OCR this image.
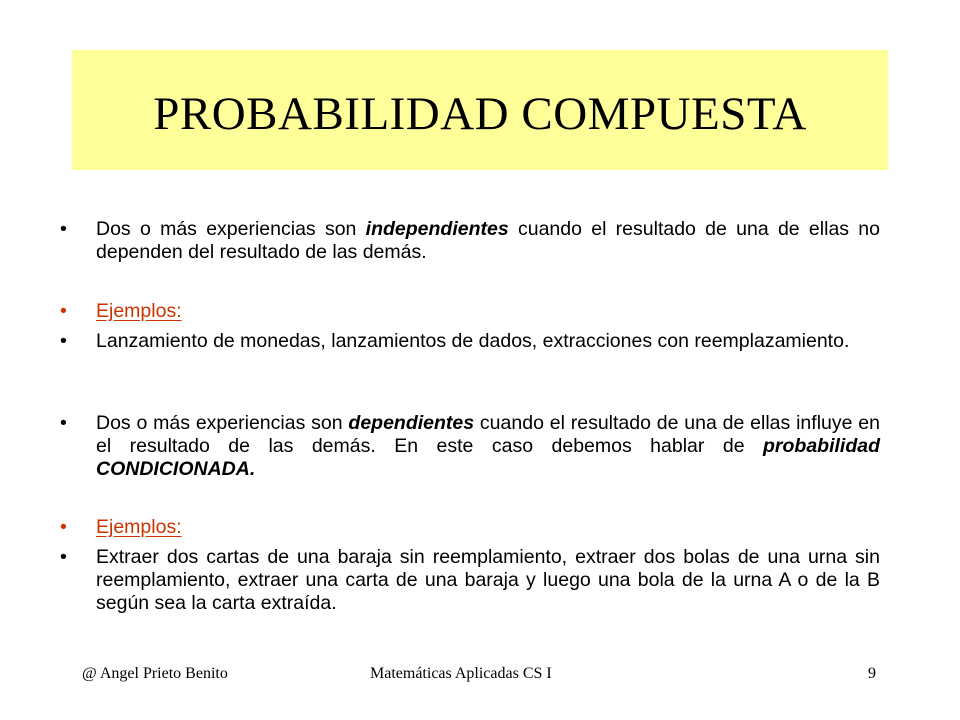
PROBABILIDAD COMPUESTA
•	Dos o más experiencias son independientes cuando el resultado de una de ellas no dependen del resultado de las demás.
•	Ejemplos:
•	Lanzamiento de monedas, lanzamientos de dados, extracciones con reemplazamiento.
•	Dos o más experiencias son dependientes cuando el resultado de una de ellas influye en el resultado de las demás. En este caso debemos hablar de probabilidad CONDICIONADA.
•	Ejemplos:
•	Extraer dos cartas de una baraja sin reemplamiento, extraer dos bolas de una urna sin reemplamiento, extraer una carta de una baraja y luego una bola de la urna A o de la B según sea la carta extraída.
@ Angel Prieto Benito	Matemáticas Aplicadas CS I	9
